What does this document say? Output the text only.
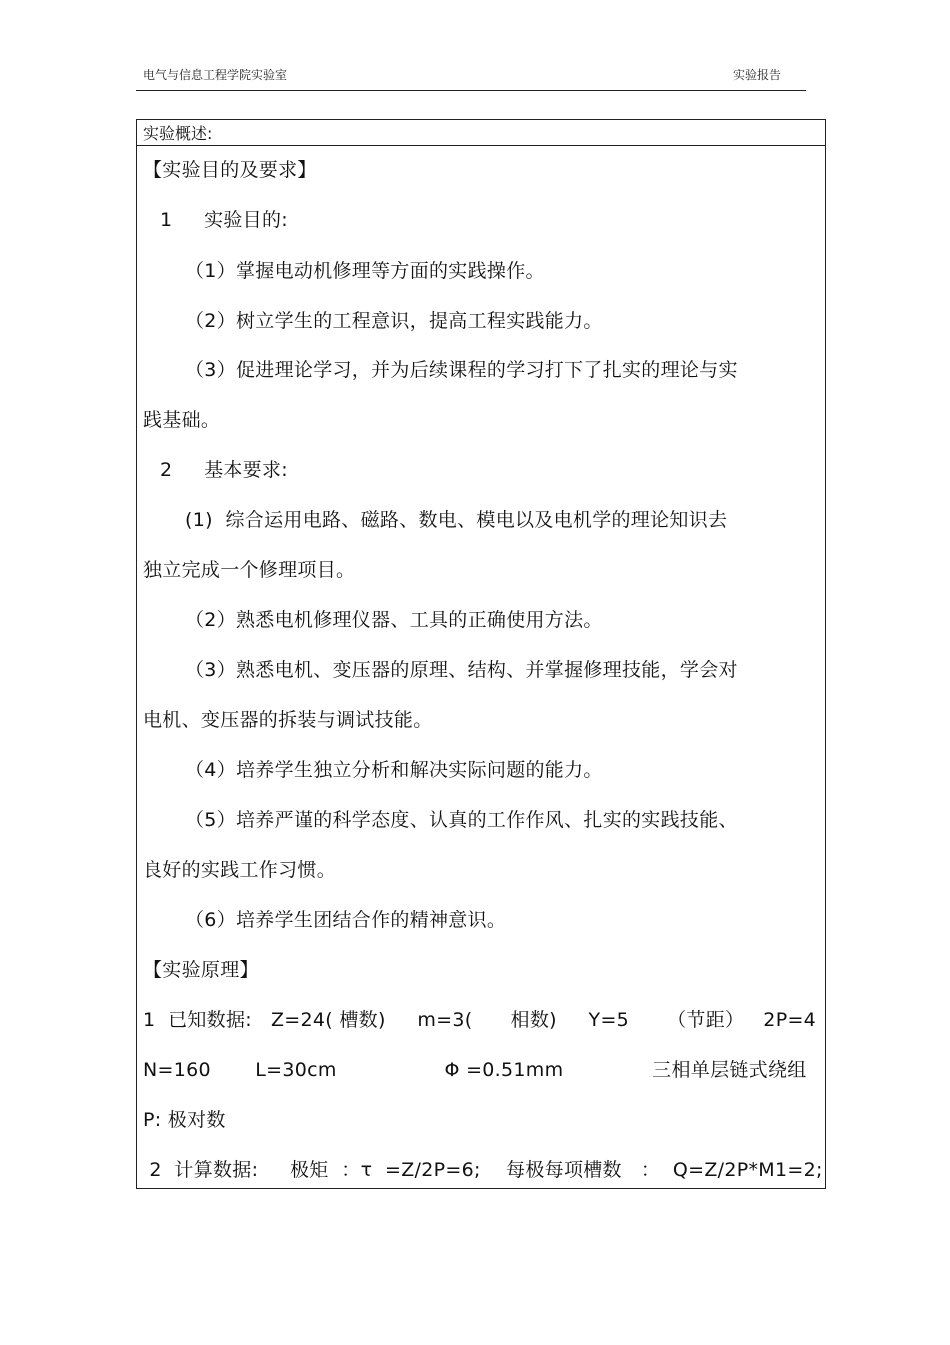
电气与信息工程学院实验室	实验报告
实验概述:
【实验目的及要求】
1     实验目的:
（1）掌握电动机修理等方面的实践操作。
（2）树立学生的工程意识，提高工程实践能力。
（3）促进理论学习，并为后续课程的学习打下了扎实的理论与实
践基础。
2     基本要求:
(1)  综合运用电路、磁路、数电、模电以及电机学的理论知识去
独立完成一个修理项目。
（2）熟悉电机修理仪器、工具的正确使用方法。
（3）熟悉电机、变压器的原理、结构、并掌握修理技能，学会对
电机、变压器的拆装与调试技能。
（4）培养学生独立分析和解决实际问题的能力。
（5）培养严谨的科学态度、认真的工作作风、扎实的实践技能、
良好的实践工作习惯。
（6）培养学生团结合作的精神意识。
【实验原理】
1  已知数据:   Z=24( 槽数)     m=3(      相数)     Y=5      （节距）   2P=4
N=160       L=30cm                 Φ =0.51mm              三相单层链式绕组
P: 极对数
2  计算数据:     极矩  ：τ  =Z/2P=6;    每极每项槽数   ：  Q=Z/2P*M1=2;
